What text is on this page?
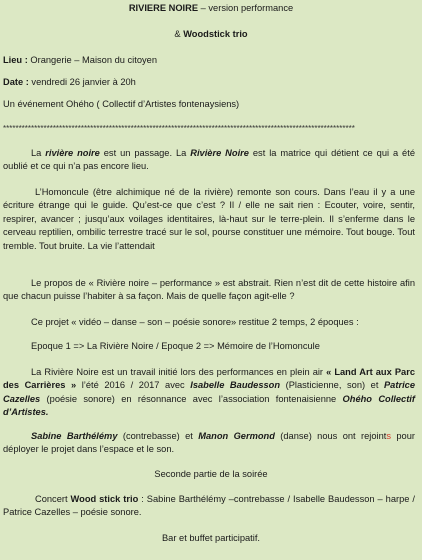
RIVIERE NOIRE – version performance
& Woodstick trio
Lieu : Orangerie – Maison du citoyen
Date : vendredi 26 janvier à 20h
Un événement Ohého ( Collectif d’Artistes fontenaysiens)
*****************************************************************************************************************
La rivière noire est un passage. La Rivière Noire est la matrice qui détient ce qui a été oublié et ce qui n’a pas encore lieu.
L’Homoncule (être alchimique né de la rivière) remonte son cours. Dans l’eau il y a une écriture étrange qui le guide. Qu’est-ce que c’est ? Il / elle ne sait rien : Ecouter, voire, sentir, respirer, avancer ; jusqu’aux voilages identitaires, là-haut sur le terre-plein. Il s’enferme dans le cerveau reptilien, ombilic terrestre tracé sur le sol, pourse constituer une mémoire. Tout bouge. Tout tremble. Tout bruite. La vie l’attendait
Le propos de « Rivière noire – performance » est abstrait. Rien n’est dit de cette histoire afin que chacun puisse l’habiter à sa façon. Mais de quelle façon agit-elle ?
Ce projet « vidéo – danse – son – poésie sonore» restitue 2 temps, 2 époques :
Epoque 1 => La Rivière Noire / Epoque 2 => Mémoire de l’Homoncule
La Rivière Noire est un travail initié lors des performances en plein air « Land Art aux Parc des Carrières » l’été 2016 / 2017 avec Isabelle Baudesson (Plasticienne, son) et Patrice Cazelles (poésie sonore) en résonnance avec l’association fontenaisienne Ohého Collectif d’Artistes.
Sabine Barthélémy (contrebasse) et Manon Germond (danse) nous ont rejoints pour déployer le projet dans l’espace et le son.
Seconde partie de la soirée
Concert Wood stick trio : Sabine Barthélémy –contrebasse / Isabelle Baudesson – harpe / Patrice Cazelles – poésie sonore.
Bar et buffet participatif.
